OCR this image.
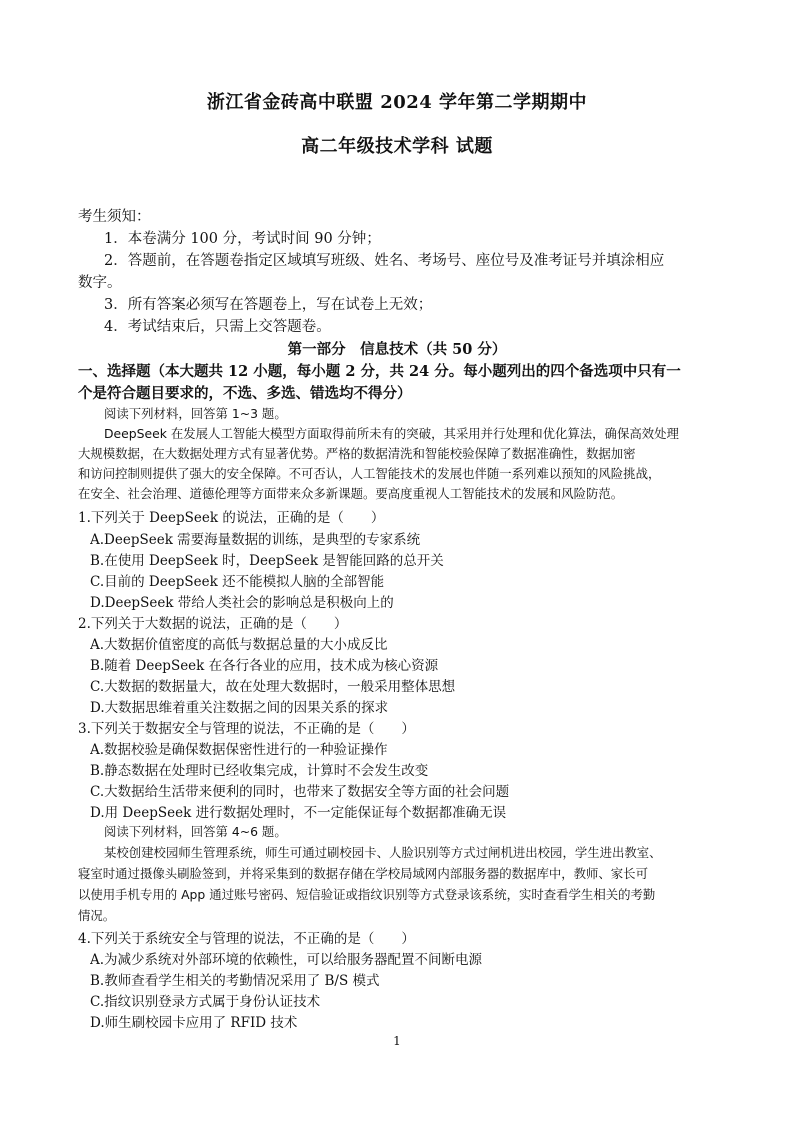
浙江省金砖高中联盟 2024 学年第二学期期中
高二年级技术学科 试题
考生须知：
1．本卷满分 100 分，考试时间 90 分钟；
2．答题前，在答题卷指定区域填写班级、姓名、考场号、座位号及准考证号并填涂相应
数字。
3．所有答案必须写在答题卷上，写在试卷上无效；
4．考试结束后，只需上交答题卷。
第一部分　信息技术（共 50 分）
一、选择题（本大题共 12 小题，每小题 2 分，共 24 分。每小题列出的四个备选项中只有一
个是符合题目要求的，不选、多选、错选均不得分）
阅读下列材料，回答第 1~3 题。
DeepSeek 在发展人工智能大模型方面取得前所未有的突破，其采用并行处理和优化算法，确保高效处理
大规模数据，在大数据处理方式有显著优势。严格的数据清洗和智能校验保障了数据准确性，数据加密
和访问控制则提供了强大的安全保障。不可否认，人工智能技术的发展也伴随一系列难以预知的风险挑战，
在安全、社会治理、道德伦理等方面带来众多新课题。要高度重视人工智能技术的发展和风险防范。
1.下列关于 DeepSeek 的说法，正确的是（　　）
A.DeepSeek 需要海量数据的训练，是典型的专家系统
B.在使用 DeepSeek 时，DeepSeek 是智能回路的总开关
C.目前的 DeepSeek 还不能模拟人脑的全部智能
D.DeepSeek 带给人类社会的影响总是积极向上的
2.下列关于大数据的说法，正确的是（　　）
A.大数据价值密度的高低与数据总量的大小成反比
B.随着 DeepSeek 在各行各业的应用，技术成为核心资源
C.大数据的数据量大，故在处理大数据时，一般采用整体思想
D.大数据思维着重关注数据之间的因果关系的探求
3.下列关于数据安全与管理的说法，不正确的是（　　）
A.数据校验是确保数据保密性进行的一种验证操作
B.静态数据在处理时已经收集完成，计算时不会发生改变
C.大数据给生活带来便利的同时，也带来了数据安全等方面的社会问题
D.用 DeepSeek 进行数据处理时，不一定能保证每个数据都准确无误
阅读下列材料，回答第 4~6 题。
某校创建校园师生管理系统，师生可通过刷校园卡、人脸识别等方式过闸机进出校园，学生进出教室、
寝室时通过摄像头刷脸签到，并将采集到的数据存储在学校局域网内部服务器的数据库中，教师、家长可
以使用手机专用的 App 通过账号密码、短信验证或指纹识别等方式登录该系统，实时查看学生相关的考勤
情况。
4.下列关于系统安全与管理的说法，不正确的是（　　）
A.为减少系统对外部环境的依赖性，可以给服务器配置不间断电源
B.教师查看学生相关的考勤情况采用了 B/S 模式
C.指纹识别登录方式属于身份认证技术
D.师生刷校园卡应用了 RFID 技术
1
